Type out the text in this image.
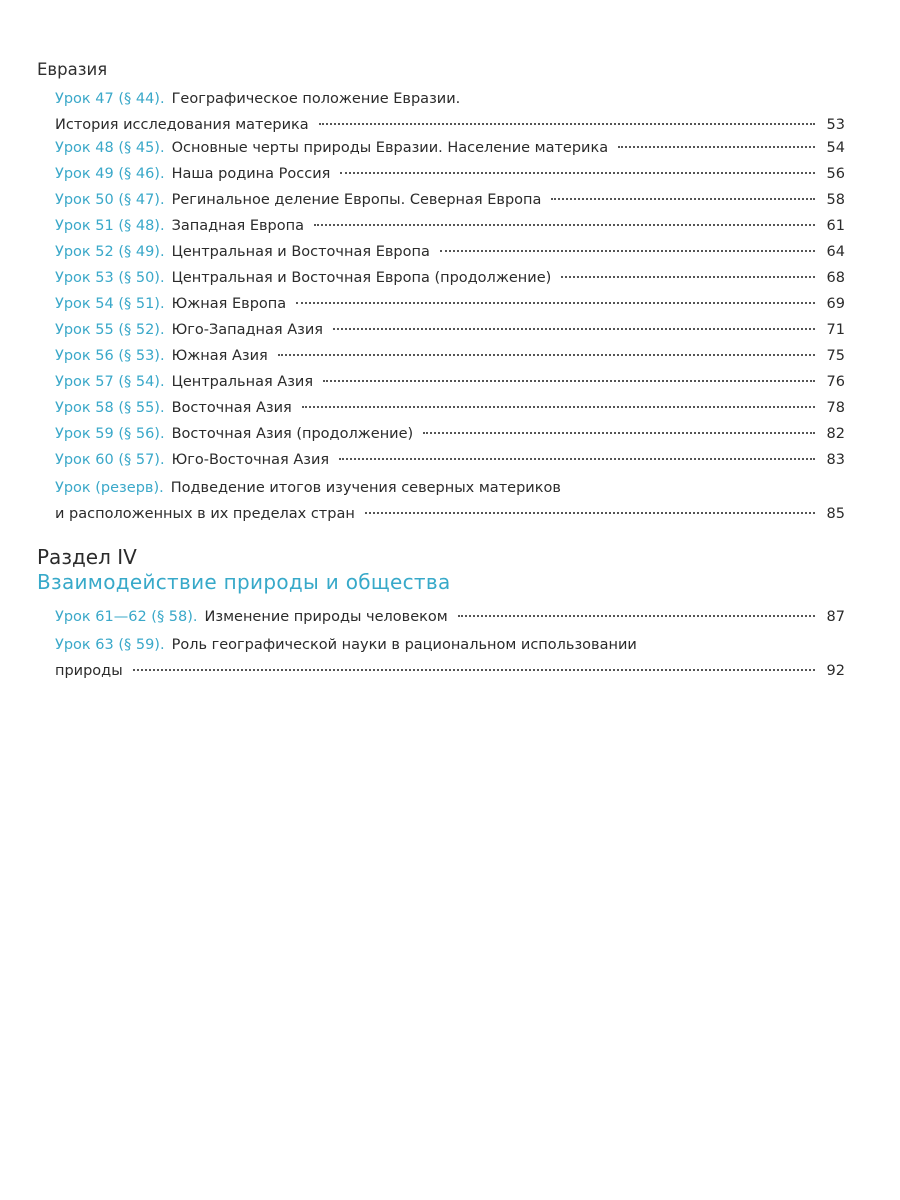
Евразия
Урок 47 (§ 44). Географическое положение Евразии.
История исследования материка	53
Урок 48 (§ 45). Основные черты природы Евразии. Население материка	54
Урок 49 (§ 46). Наша родина Россия	56
Урок 50 (§ 47). Регинальное деление Европы. Северная Европа	58
Урок 51 (§ 48). Западная Европа	61
Урок 52 (§ 49). Центральная и Восточная Европа	64
Урок 53 (§ 50). Центральная и Восточная Европа (продолжение)	68
Урок 54 (§ 51). Южная Европа	69
Урок 55 (§ 52). Юго-Западная Азия	71
Урок 56 (§ 53). Южная Азия	75
Урок 57 (§ 54). Центральная Азия	76
Урок 58 (§ 55). Восточная Азия	78
Урок 59 (§ 56). Восточная Азия (продолжение)	82
Урок 60 (§ 57). Юго-Восточная Азия	83
Урок (резерв). Подведение итогов изучения северных материков
и расположенных в их пределах стран	85
Раздел IV
Взаимодействие природы и общества
Урок 61—62 (§ 58). Изменение природы человеком	87
Урок 63 (§ 59). Роль географической науки в рациональном использовании
природы	92
